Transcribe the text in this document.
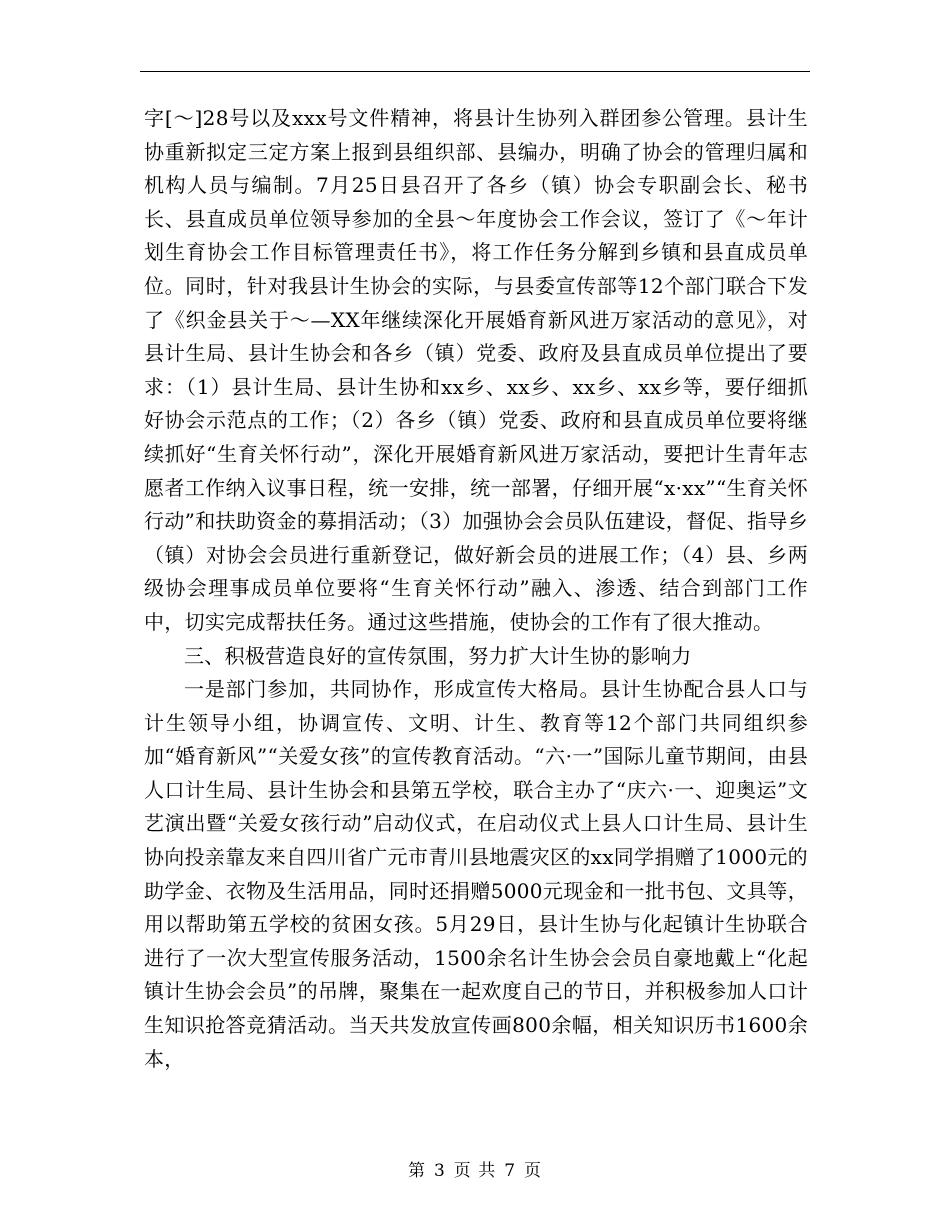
字[～]28号以及xxx号文件精神，将县计生协列入群团参公管理。县计生协重新拟定三定方案上报到县组织部、县编办，明确了协会的管理归属和机构人员与编制。7月25日县召开了各乡（镇）协会专职副会长、秘书长、县直成员单位领导参加的全县～年度协会工作会议，签订了《～年计划生育协会工作目标管理责任书》，将工作任务分解到乡镇和县直成员单位。同时，针对我县计生协会的实际，与县委宣传部等12个部门联合下发了《织金县关于～—XX年继续深化开展婚育新风进万家活动的意见》，对县计生局、县计生协会和各乡（镇）党委、政府及县直成员单位提出了要求：（1）县计生局、县计生协和xx乡、xx乡、xx乡、xx乡等，要仔细抓好协会示范点的工作；（2）各乡（镇）党委、政府和县直成员单位要将继续抓好“生育关怀行动”，深化开展婚育新风进万家活动，要把计生青年志愿者工作纳入议事日程，统一安排，统一部署，仔细开展“x·xx”“生育关怀行动”和扶助资金的募捐活动；（3）加强协会会员队伍建设，督促、指导乡（镇）对协会会员进行重新登记，做好新会员的进展工作；（4）县、乡两级协会理事成员单位要将“生育关怀行动”融入、渗透、结合到部门工作中，切实完成帮扶任务。通过这些措施，使协会的工作有了很大推动。

三、积极营造良好的宣传氛围，努力扩大计生协的影响力

一是部门参加，共同协作，形成宣传大格局。县计生协配合县人口与计生领导小组，协调宣传、文明、计生、教育等12个部门共同组织参加“婚育新风”“关爱女孩”的宣传教育活动。“六·一”国际儿童节期间，由县人口计生局、县计生协会和县第五学校，联合主办了“庆六·一、迎奥运”文艺演出暨“关爱女孩行动”启动仪式，在启动仪式上县人口计生局、县计生协向投亲靠友来自四川省广元市青川县地震灾区的xx同学捐赠了1000元的助学金、衣物及生活用品，同时还捐赠5000元现金和一批书包、文具等，用以帮助第五学校的贫困女孩。5月29日，县计生协与化起镇计生协联合进行了一次大型宣传服务活动，1500余名计生协会会员自豪地戴上“化起镇计生协会会员”的吊牌，聚集在一起欢度自己的节日，并积极参加人口计生知识抢答竞猜活动。当天共发放宣传画800余幅，相关知识历书1600余本，

第 3 页 共 7 页
